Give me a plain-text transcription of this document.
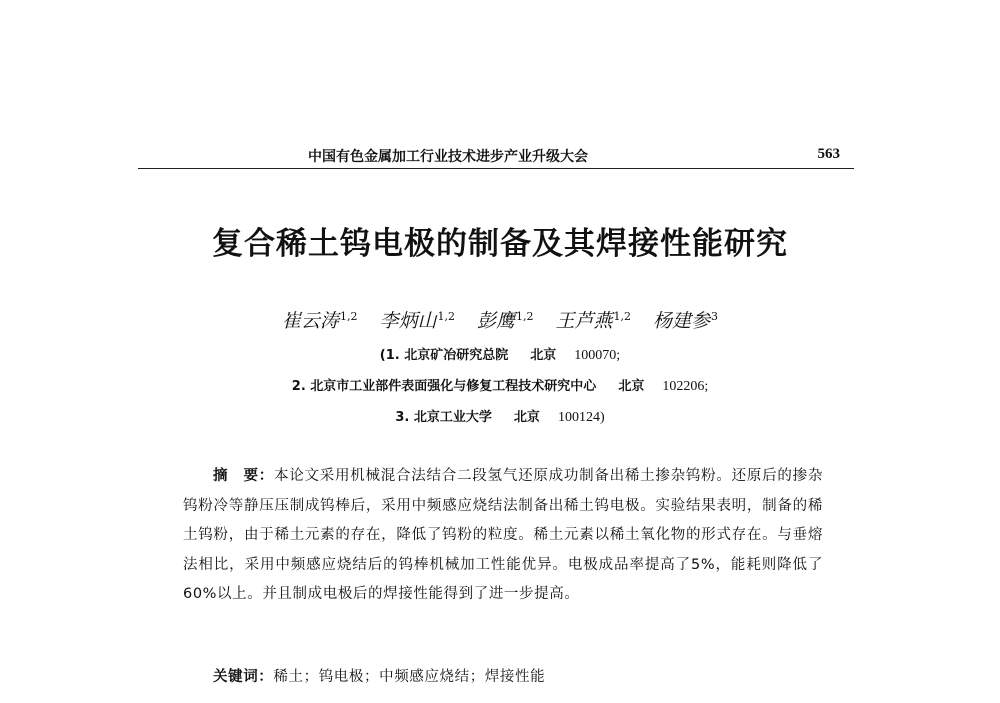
中国有色金属加工行业技术进步产业升级大会	563
复合稀土钨电极的制备及其焊接性能研究
崔云涛$^{1,2}$ 李炳山$^{1,2}$ 彭鹰$^{1,2}$ 王芦燕$^{1,2}$ 杨建参$^3$
(1. 北京矿冶研究总院 北京 100070;
2. 北京市工业部件表面强化与修复工程技术研究中心 北京 102206;
3. 北京工业大学 北京 100124)
摘　要：本论文采用机械混合法结合二段氢气还原成功制备出稀土掺杂钨粉。还原后的掺杂钨粉冷等静压压制成钨棒后，采用中频感应烧结法制备出稀土钨电极。实验结果表明，制备的稀土钨粉，由于稀土元素的存在，降低了钨粉的粒度。稀土元素以稀土氧化物的形式存在。与垂熔法相比，采用中频感应烧结后的钨棒机械加工性能优异。电极成品率提高了5%，能耗则降低了60%以上。并且制成电极后的焊接性能得到了进一步提高。
关键词：稀土；钨电极；中频感应烧结；焊接性能
